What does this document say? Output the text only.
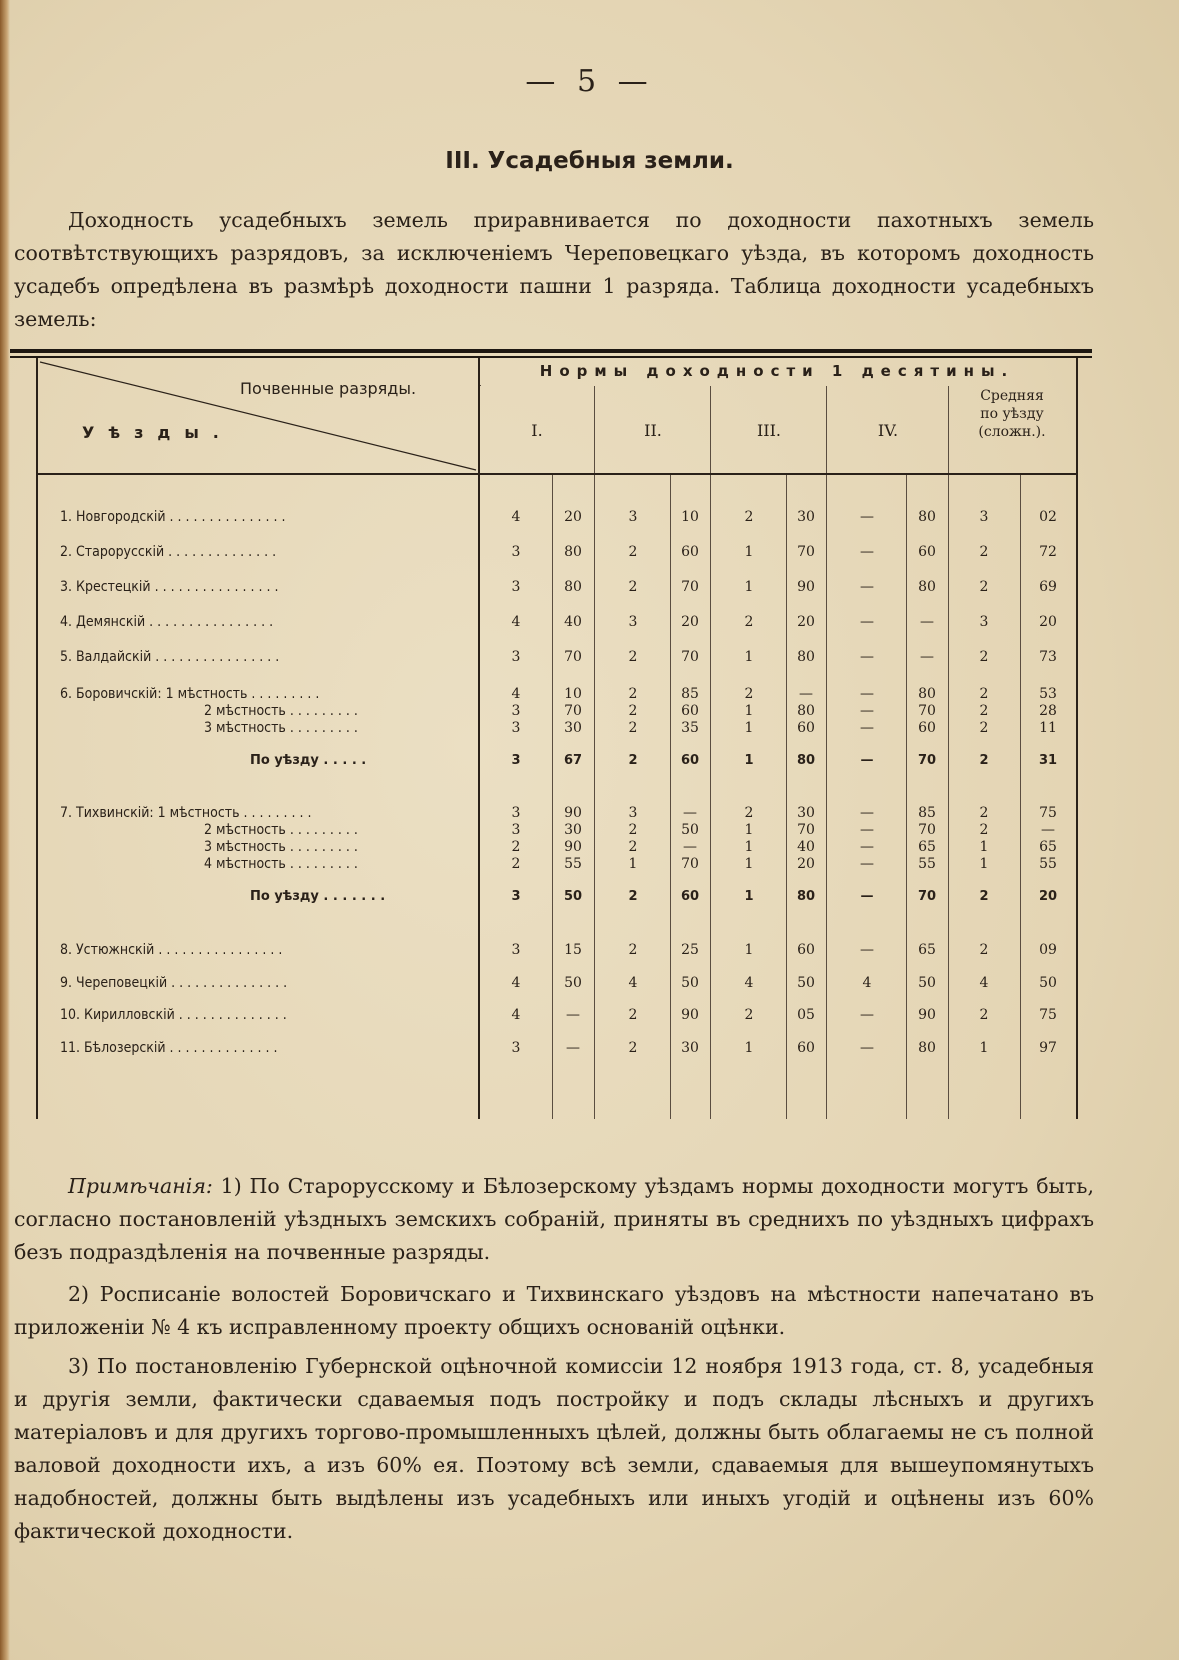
— 5 —
III. Усадебныя земли.
Доходность усадебныхъ земель приравнивается по доходности пахотныхъ земель соотвѣтствующихъ разрядовъ, за исключеніемъ Череповецкаго уѣзда, въ которомъ доходность усадебъ опредѣлена въ размѣрѣ доходности пашни 1 разряда. Таблица доходности усадебныхъ земель:
Нормы доходности 1 десятины.
Почвенные разряды.
Уѣзды.	I.	II.	III.	IV.
Средняя
по уѣзду
(сложн.).
1. Новгородскій . . . . . . . . . . . . . . .	4	20	3	10	2	30	—	80	3	02
2. Старорусскій . . . . . . . . . . . . . .	3	80	2	60	1	70	—	60	2	72
3. Крестецкій . . . . . . . . . . . . . . . .	3	80	2	70	1	90	—	80	2	69
4. Демянскій . . . . . . . . . . . . . . . .	4	40	3	20	2	20	—	—	3	20
5. Валдайскій . . . . . . . . . . . . . . . .	3	70	2	70	1	80	—	—	2	73
6. Боровичскій: 1 мѣстность . . . . . . . . .	4	10	2	85	2	—	—	80	2	53
2 мѣстность . . . . . . . . .	3	70	2	60	1	80	—	70	2	28
3 мѣстность . . . . . . . . .	3	30	2	35	1	60	—	60	2	11
По уѣзду . . . . .	3	67	2	60	1	80	—	70	2	31
7. Тихвинскій: 1 мѣстность . . . . . . . . .	3	90	3	—	2	30	—	85	2	75
2 мѣстность . . . . . . . . .	3	30	2	50	1	70	—	70	2	—
3 мѣстность . . . . . . . . .	2	90	2	—	1	40	—	65	1	65
4 мѣстность . . . . . . . . .	2	55	1	70	1	20	—	55	1	55
По уѣзду . . . . . . .	3	50	2	60	1	80	—	70	2	20
8. Устюжнскій . . . . . . . . . . . . . . . .	3	15	2	25	1	60	—	65	2	09
9. Череповецкій . . . . . . . . . . . . . . .	4	50	4	50	4	50	4	50	4	50
10. Кирилловскій . . . . . . . . . . . . . .	4	—	2	90	2	05	—	90	2	75
11. Бѣлозерскій . . . . . . . . . . . . . .	3	—	2	30	1	60	—	80	1	97
Примѣчанія: 1) По Старорусскому и Бѣлозерскому уѣздамъ нормы доходности могутъ быть, согласно постановленій уѣздныхъ земскихъ собраній, приняты въ среднихъ по уѣздныхъ цифрахъ безъ подраздѣленія на почвенные разряды.
2) Росписаніе волостей Боровичскаго и Тихвинскаго уѣздовъ на мѣстности напечатано въ приложеніи № 4 къ исправленному проекту общихъ основаній оцѣнки.
3) По постановленію Губернской оцѣночной комиссіи 12 ноября 1913 года, ст. 8, усадебныя и другія земли, фактически сдаваемыя подъ постройку и подъ склады лѣсныхъ и другихъ матеріаловъ и для другихъ торгово-промышленныхъ цѣлей, должны быть облагаемы не съ полной валовой доходности ихъ, а изъ 60% ея. Поэтому всѣ земли, сдаваемыя для вышеупомянутыхъ надобностей, должны быть выдѣлены изъ усадебныхъ или иныхъ угодій и оцѣнены изъ 60% фактической доходности.
